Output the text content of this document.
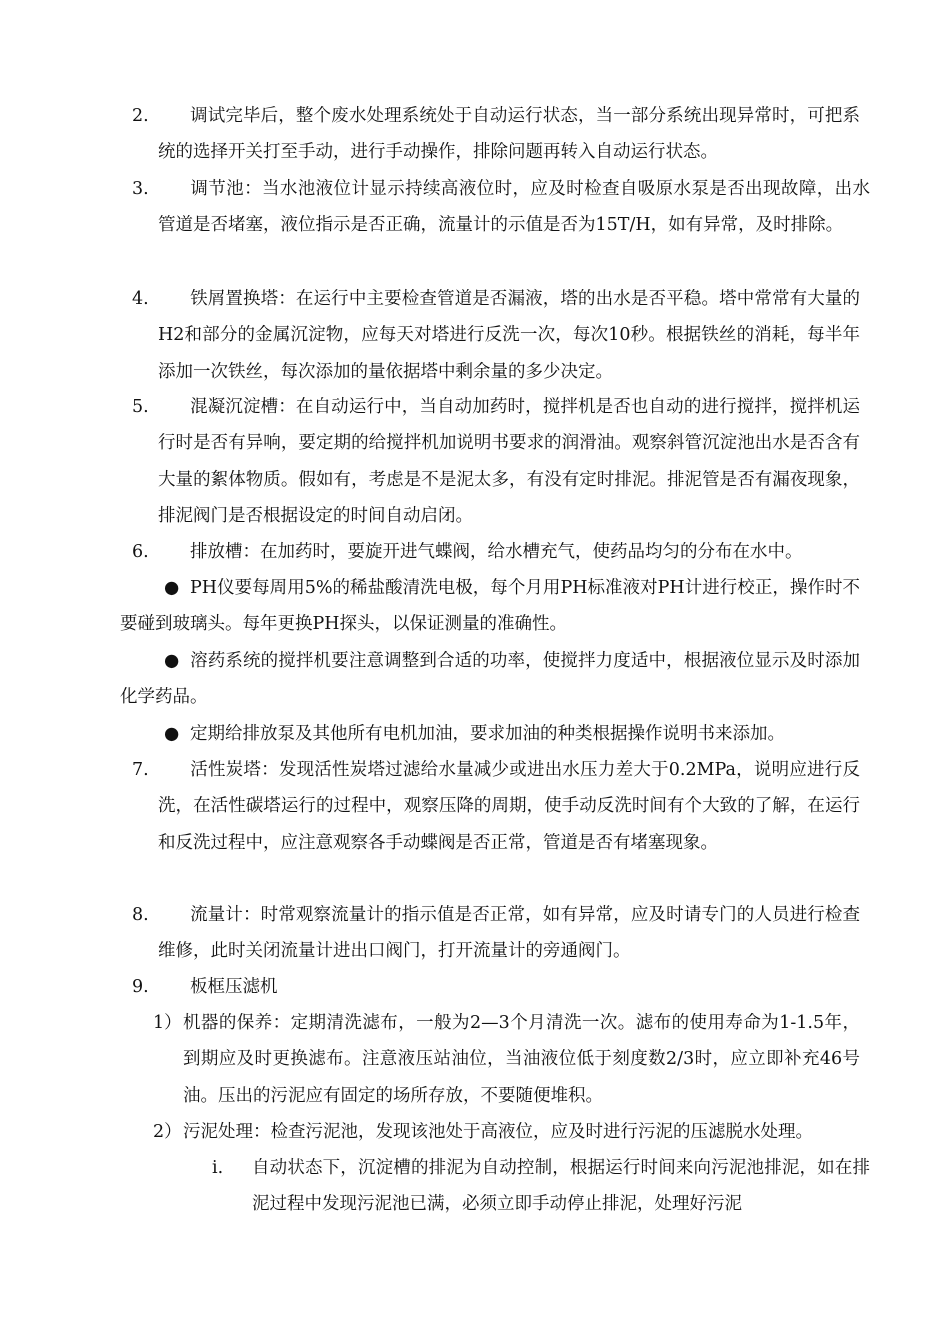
2. 调试完毕后，整个废水处理系统处于自动运行状态，当一部分系统出现异常时，可把系统的选择开关打至手动，进行手动操作，排除问题再转入自动运行状态。
3. 调节池：当水池液位计显示持续高液位时，应及时检查自吸原水泵是否出现故障，出水管道是否堵塞，液位指示是否正确，流量计的示值是否为15T/H，如有异常，及时排除。
4. 铁屑置换塔：在运行中主要检查管道是否漏液，塔的出水是否平稳。塔中常常有大量的H2和部分的金属沉淀物，应每天对塔进行反洗一次，每次10秒。根据铁丝的消耗，每半年添加一次铁丝，每次添加的量依据塔中剩余量的多少决定。
5. 混凝沉淀槽：在自动运行中，当自动加药时，搅拌机是否也自动的进行搅拌，搅拌机运行时是否有异响，要定期的给搅拌机加说明书要求的润滑油。观察斜管沉淀池出水是否含有大量的絮体物质。假如有，考虑是不是泥太多，有没有定时排泥。排泥管是否有漏夜现象，排泥阀门是否根据设定的时间自动启闭。
6. 排放槽：在加药时，要旋开进气蝶阀，给水槽充气，使药品均匀的分布在水中。
● PH仪要每周用5%的稀盐酸清洗电极，每个月用PH标准液对PH计进行校正，操作时不要碰到玻璃头。每年更换PH探头，以保证测量的准确性。
● 溶药系统的搅拌机要注意调整到合适的功率，使搅拌力度适中，根据液位显示及时添加化学药品。
● 定期给排放泵及其他所有电机加油，要求加油的种类根据操作说明书来添加。
7. 活性炭塔：发现活性炭塔过滤给水量减少或进出水压力差大于0.2MPa，说明应进行反洗，在活性碳塔运行的过程中，观察压降的周期，使手动反洗时间有个大致的了解，在运行和反洗过程中，应注意观察各手动蝶阀是否正常，管道是否有堵塞现象。
8. 流量计：时常观察流量计的指示值是否正常，如有异常，应及时请专门的人员进行检查维修，此时关闭流量计进出口阀门，打开流量计的旁通阀门。
9. 板框压滤机
1） 机器的保养：定期清洗滤布，一般为2—3个月清洗一次。滤布的使用寿命为1-1.5年，到期应及时更换滤布。注意液压站油位，当油液位低于刻度数2/3时，应立即补充46号油。压出的污泥应有固定的场所存放，不要随便堆积。
2） 污泥处理：检查污泥池，发现该池处于高液位，应及时进行污泥的压滤脱水处理。
i. 自动状态下，沉淀槽的排泥为自动控制，根据运行时间来向污泥池排泥，如在排泥过程中发现污泥池已满，必须立即手动停止排泥，处理好污泥
